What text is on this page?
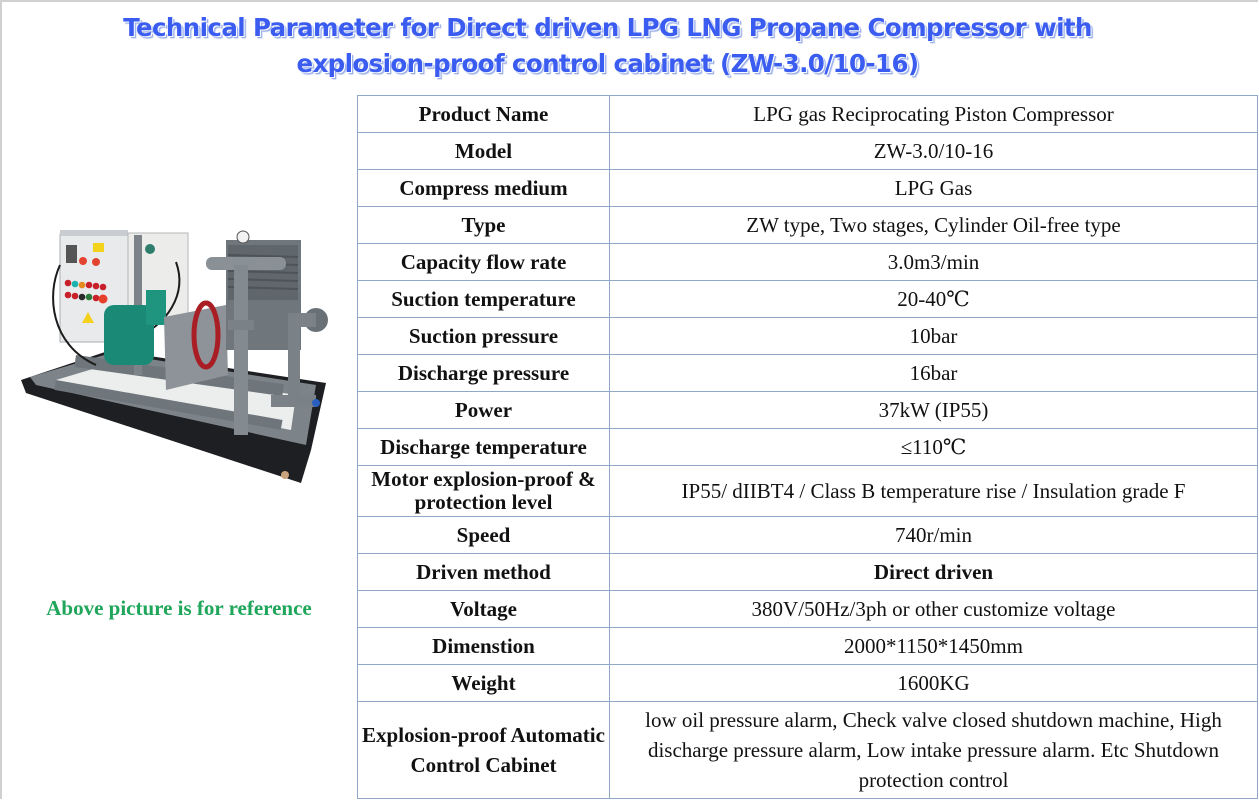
Technical Parameter for Direct driven LPG LNG Propane Compressor with
explosion-proof control cabinet (ZW-3.0/10-16)
Above picture is for reference
Product Name	LPG gas Reciprocating Piston Compressor
Model	ZW-3.0/10-16
Compress medium	LPG Gas
Type	ZW type, Two stages, Cylinder Oil-free type
Capacity flow rate	3.0m3/min
Suction temperature	20-40℃
Suction pressure	10bar
Discharge pressure	16bar
Power	37kW (IP55)
Discharge temperature	≤110℃
Motor explosion-proof & protection level	IP55/ dIIBT4 / Class B temperature rise / Insulation grade F
Speed	740r/min
Driven method	Direct driven
Voltage	380V/50Hz/3ph or other customize voltage
Dimenstion	2000*1150*1450mm
Weight	1600KG
Explosion-proof Automatic Control Cabinet	low oil pressure alarm, Check valve closed shutdown machine, High discharge pressure alarm, Low intake pressure alarm. Etc Shutdown protection control
